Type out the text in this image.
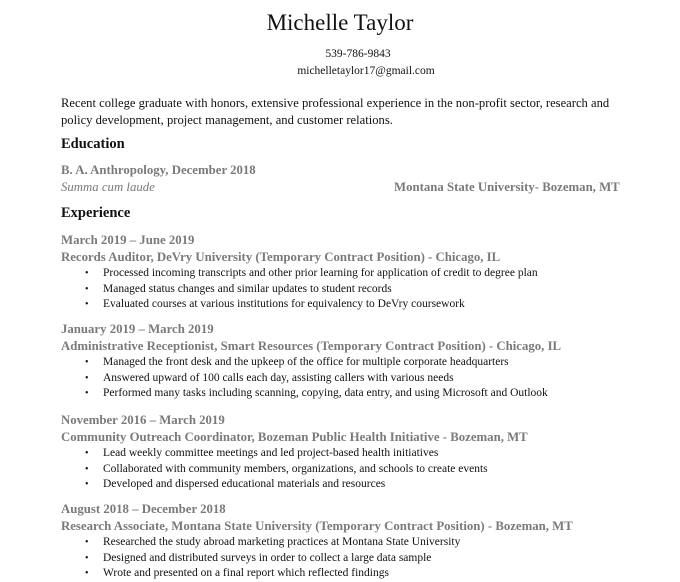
Michelle Taylor
539-786-9843
michelletaylor17@gmail.com
Recent college graduate with honors, extensive professional experience in the non-profit sector, research and policy development, project management, and customer relations.
Education
B. A. Anthropology, December 2018
Summa cum laude	Montana State University- Bozeman, MT
Experience
March 2019 – June 2019
Records Auditor, DeVry University (Temporary Contract Position) - Chicago, IL
• Processed incoming transcripts and other prior learning for application of credit to degree plan
• Managed status changes and similar updates to student records
• Evaluated courses at various institutions for equivalency to DeVry coursework
January 2019 – March 2019
Administrative Receptionist, Smart Resources (Temporary Contract Position) - Chicago, IL
• Managed the front desk and the upkeep of the office for multiple corporate headquarters
• Answered upward of 100 calls each day, assisting callers with various needs
• Performed many tasks including scanning, copying, data entry, and using Microsoft and Outlook
November 2016 – March 2019
Community Outreach Coordinator, Bozeman Public Health Initiative - Bozeman, MT
• Lead weekly committee meetings and led project-based health initiatives
• Collaborated with community members, organizations, and schools to create events
• Developed and dispersed educational materials and resources
August 2018 – December 2018
Research Associate, Montana State University (Temporary Contract Position) - Bozeman, MT
• Researched the study abroad marketing practices at Montana State University
• Designed and distributed surveys in order to collect a large data sample
• Wrote and presented on a final report which reflected findings
